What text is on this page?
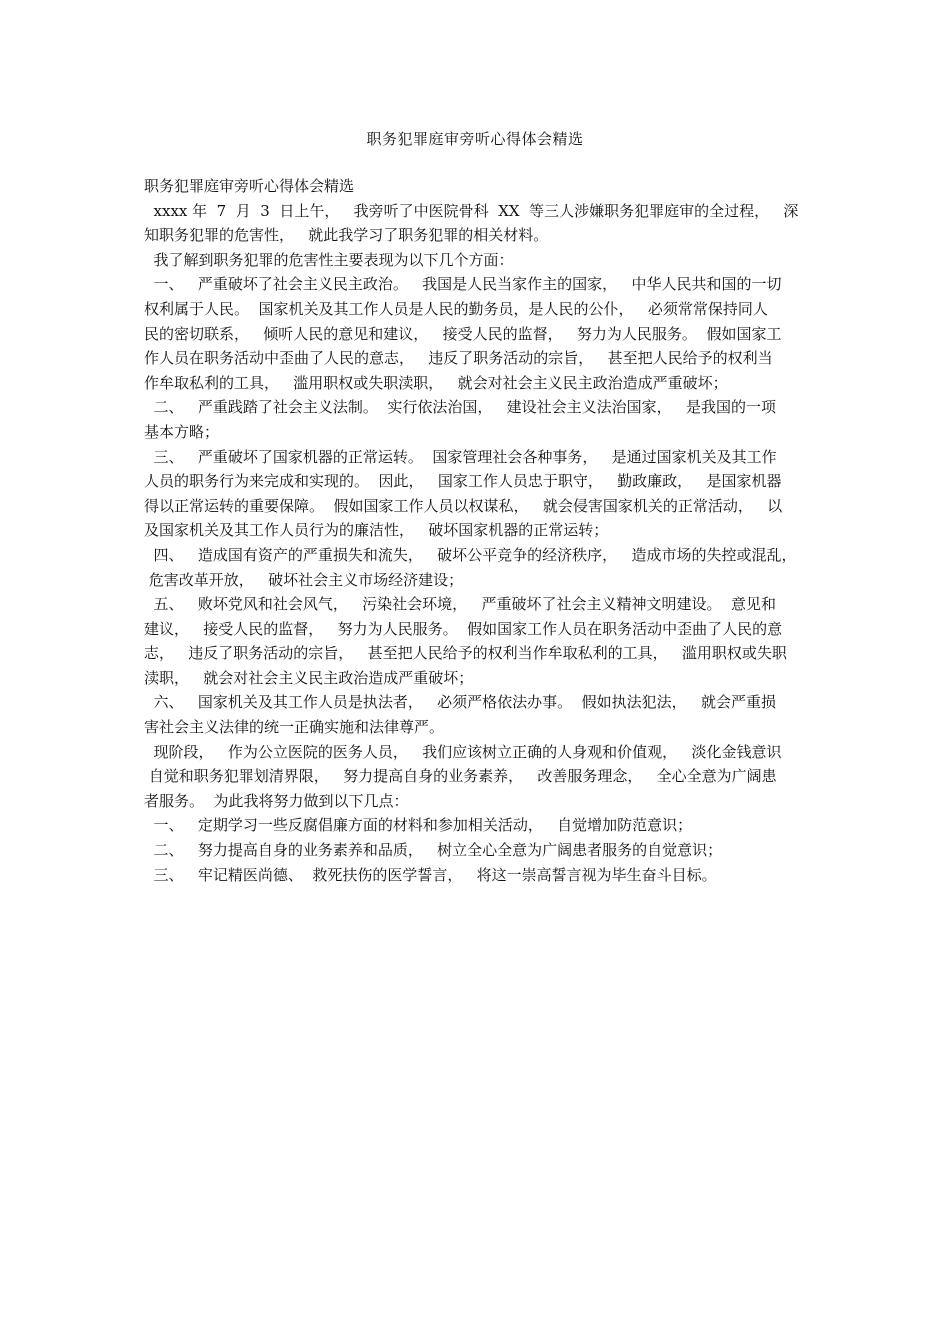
职务犯罪庭审旁听心得体会精选
职务犯罪庭审旁听心得体会精选
xxxx 年  7  月  3  日上午，   我旁听了中医院骨科  XX  等三人涉嫌职务犯罪庭审的全过程，   深
知职务犯罪的危害性，   就此我学习了职务犯罪的相关材料。
我了解到职务犯罪的危害性主要表现为以下几个方面：
一、   严重破坏了社会主义民主政治。   我国是人民当家作主的国家，   中华人民共和国的一切
权利属于人民。  国家机关及其工作人员是人民的勤务员，是人民的公仆，   必须常常保持同人
民的密切联系，   倾听人民的意见和建议，   接受人民的监督，   努力为人民服务。  假如国家工
作人员在职务活动中歪曲了人民的意志，   违反了职务活动的宗旨，   甚至把人民给予的权利当
作牟取私利的工具，   滥用职权或失职渎职，   就会对社会主义民主政治造成严重破坏；
二、   严重践踏了社会主义法制。  实行依法治国，   建设社会主义法治国家，   是我国的一项
基本方略；
三、   严重破坏了国家机器的正常运转。  国家管理社会各种事务，   是通过国家机关及其工作
人员的职务行为来完成和实现的。  因此，   国家工作人员忠于职守，   勤政廉政，   是国家机器
得以正常运转的重要保障。  假如国家工作人员以权谋私，   就会侵害国家机关的正常活动，   以
及国家机关及其工作人员行为的廉洁性，   破坏国家机器的正常运转；
四、   造成国有资产的严重损失和流失，   破坏公平竞争的经济秩序，   造成市场的失控或混乱，
危害改革开放，   破坏社会主义市场经济建设；
五、   败坏党风和社会风气，   污染社会环境，   严重破坏了社会主义精神文明建设。  意见和
建议，   接受人民的监督，   努力为人民服务。  假如国家工作人员在职务活动中歪曲了人民的意
志，   违反了职务活动的宗旨，   甚至把人民给予的权利当作牟取私利的工具，   滥用职权或失职
渎职，   就会对社会主义民主政治造成严重破坏；
六、   国家机关及其工作人员是执法者，   必须严格依法办事。  假如执法犯法，   就会严重损
害社会主义法律的统一正确实施和法律尊严。
现阶段，   作为公立医院的医务人员，   我们应该树立正确的人身观和价值观，   淡化金钱意识
自觉和职务犯罪划清界限，   努力提高自身的业务素养，   改善服务理念，   全心全意为广阔患
者服务。  为此我将努力做到以下几点：
一、   定期学习一些反腐倡廉方面的材料和参加相关活动，   自觉增加防范意识；
二、   努力提高自身的业务素养和品质，   树立全心全意为广阔患者服务的自觉意识；
三、   牢记精医尚德、  救死扶伤的医学誓言，   将这一崇高誓言视为毕生奋斗目标。
